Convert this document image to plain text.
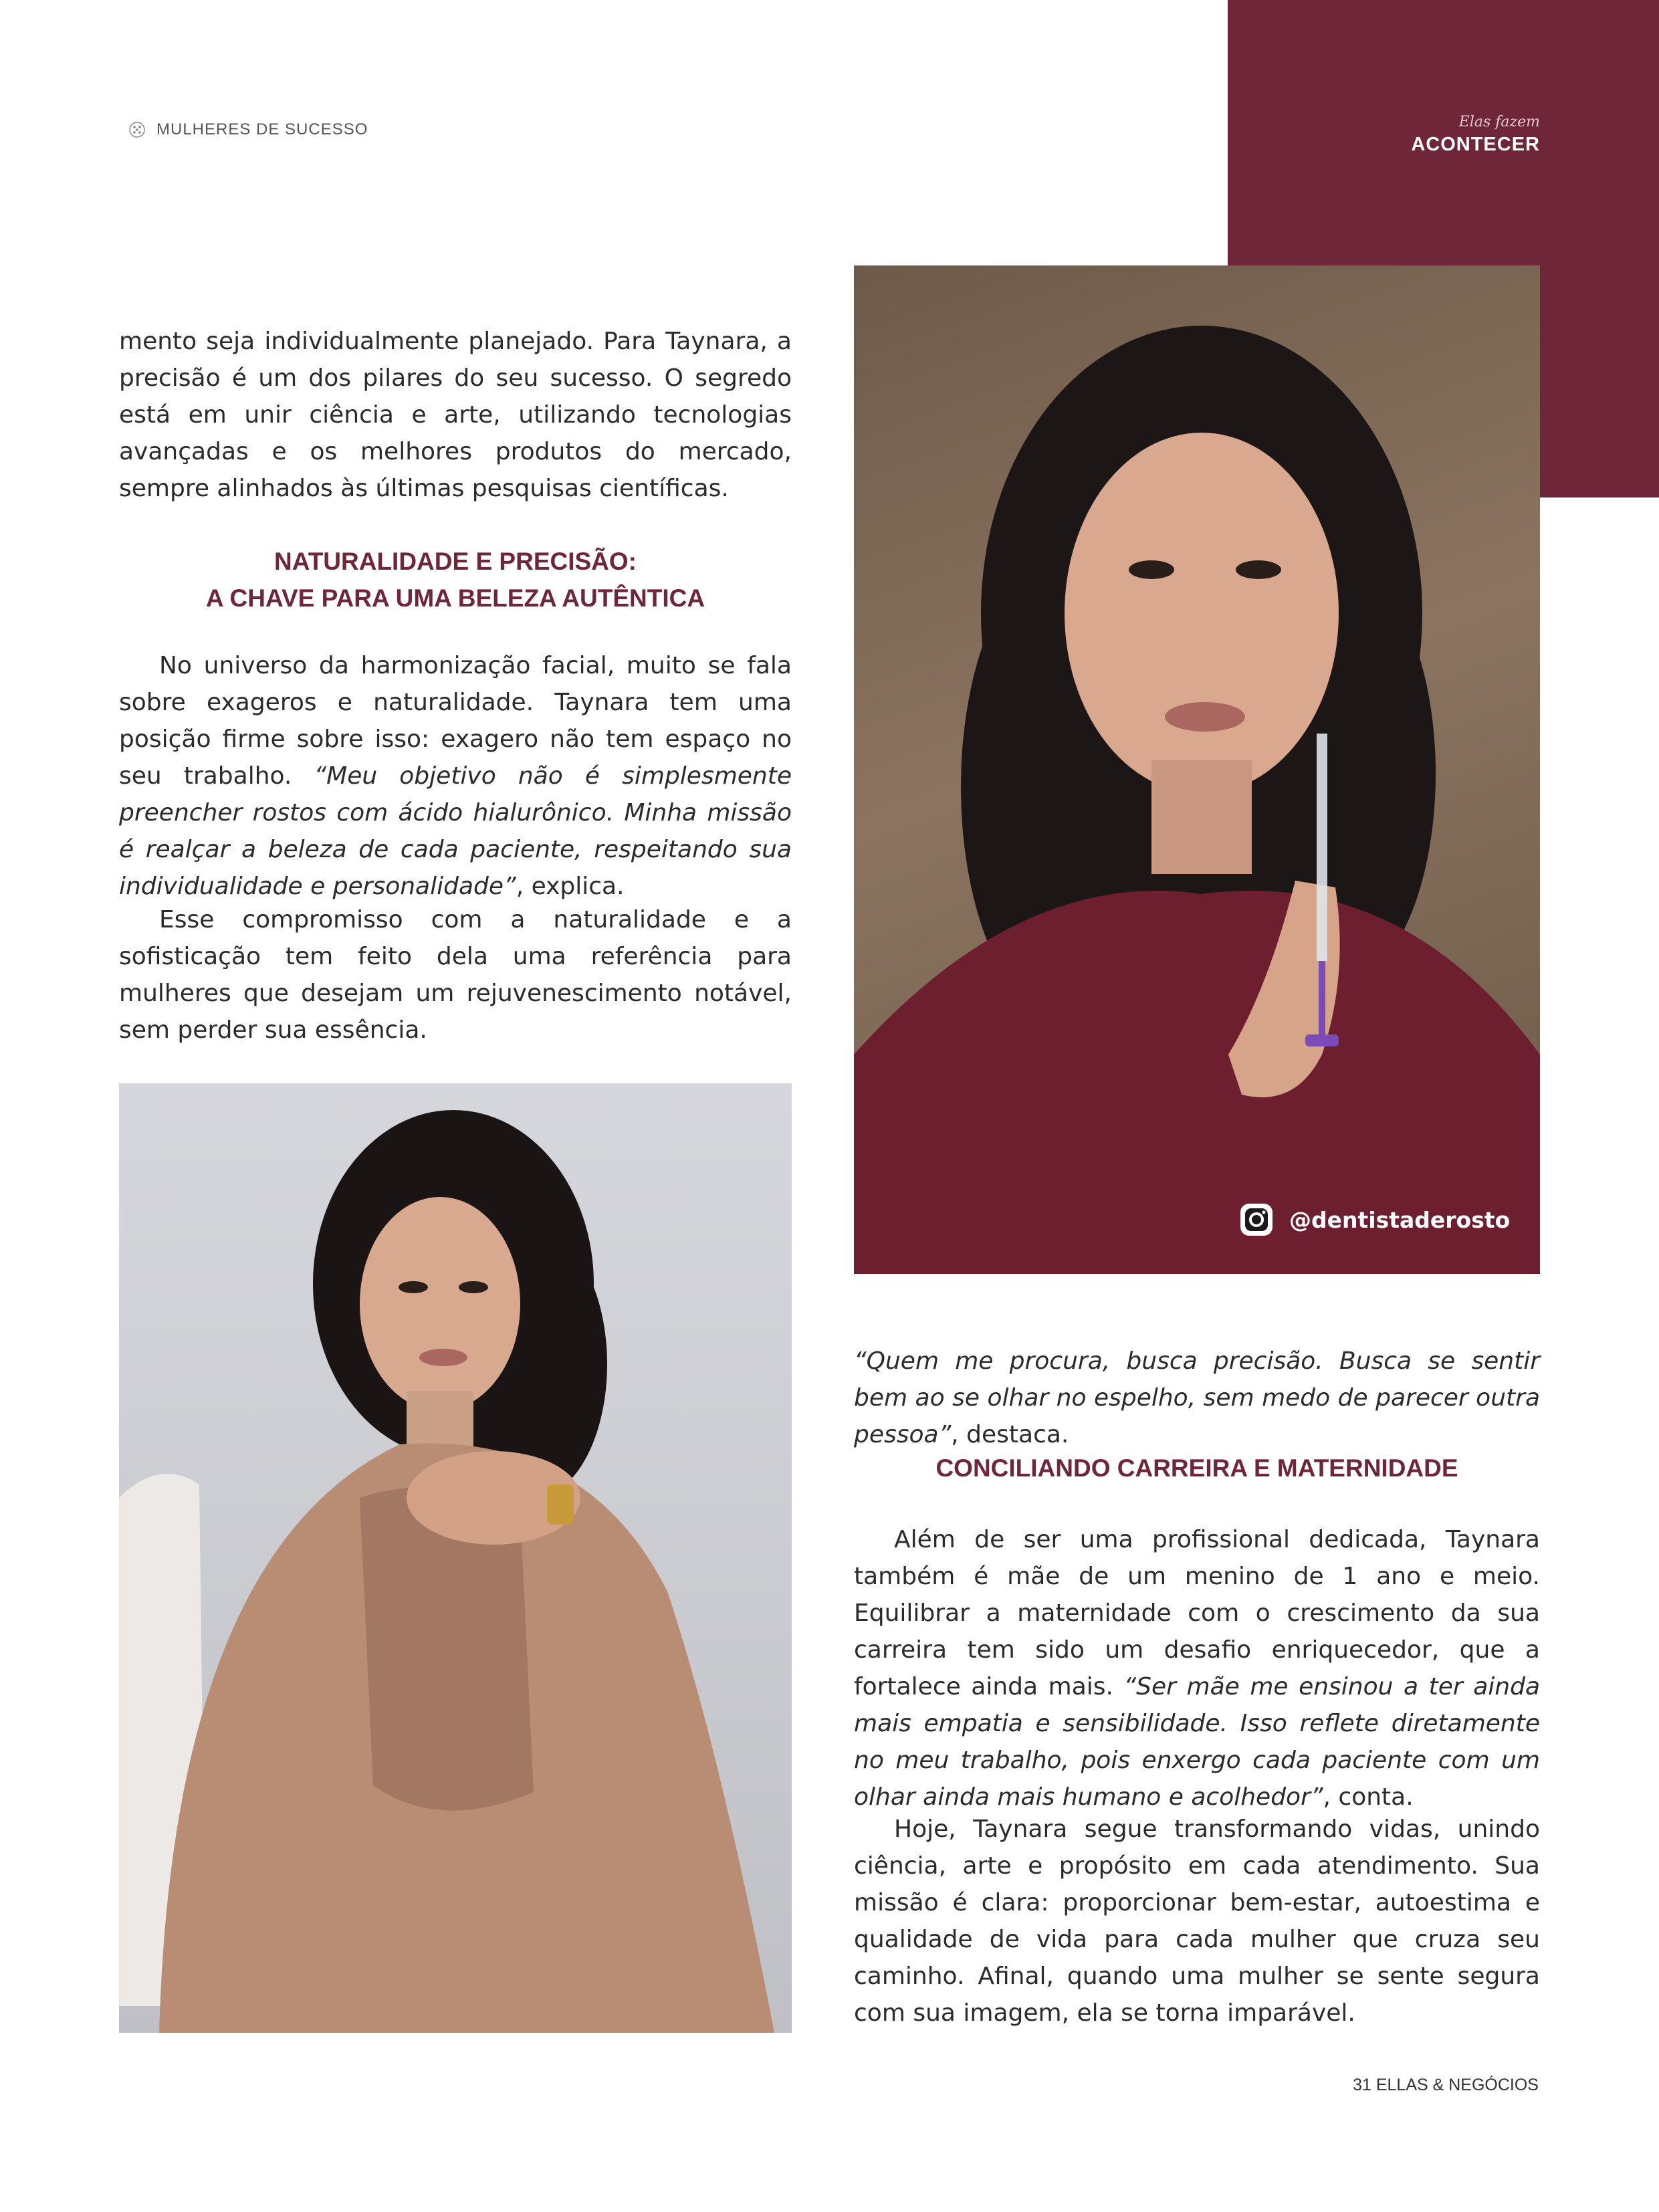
Elas fazem
ACONTECER
MULHERES DE SUCESSO

mento seja individualmente planejado. Para Taynara, a precisão é um dos pilares do seu sucesso. O segredo está em unir ciência e arte, utilizando tecnologias avançadas e os melhores produtos do mercado, sempre alinhados às últimas pesquisas científicas.

NATURALIDADE E PRECISÃO:

A CHAVE PARA UMA BELEZA AUTÊNTICA

No universo da harmonização facial, muito se fala sobre exageros e naturalidade. Taynara tem uma posição firme sobre isso: exagero não tem espaço no seu trabalho. “Meu objetivo não é simplesmente preencher rostos com ácido hialurônico. Minha missão é realçar a beleza de cada paciente, respeitando sua individualidade e personalidade”, explica.

Esse compromisso com a naturalidade e a sofisticação tem feito dela uma referência para mulheres que desejam um rejuvenescimento notável, sem perder sua essência.

@dentistaderosto

“Quem me procura, busca precisão. Busca se sentir bem ao se olhar no espelho, sem medo de parecer outra pessoa”, destaca.

CONCILIANDO CARREIRA E MATERNIDADE

Além de ser uma profissional dedicada, Taynara também é mãe de um menino de 1 ano e meio. Equilibrar a maternidade com o crescimento da sua carreira tem sido um desafio enriquecedor, que a fortalece ainda mais. “Ser mãe me ensinou a ter ainda mais empatia e sensibilidade. Isso reflete diretamente no meu trabalho, pois enxergo cada paciente com um olhar ainda mais humano e acolhedor”, conta.

Hoje, Taynara segue transformando vidas, unindo ciência, arte e propósito em cada atendimento. Sua missão é clara: proporcionar bem-estar, autoestima e qualidade de vida para cada mulher que cruza seu caminho. Afinal, quando uma mulher se sente segura com sua imagem, ela se torna imparável.

31 ELLAS & NEGÓCIOS
